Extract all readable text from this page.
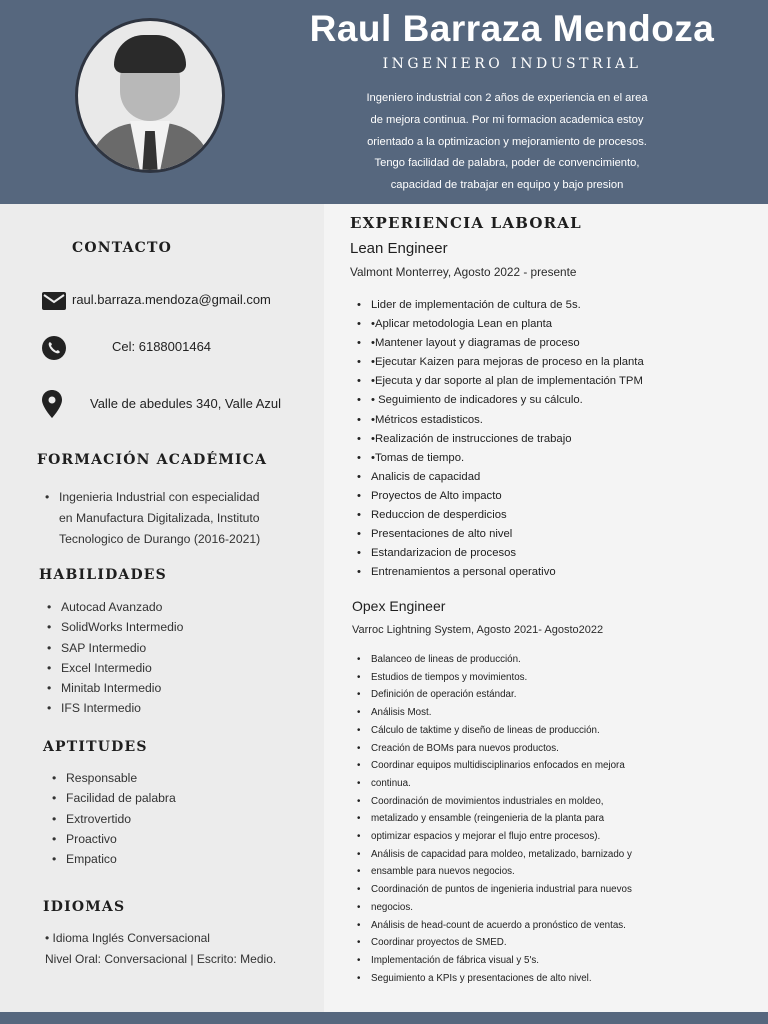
Raul Barraza Mendoza
INGENIERO INDUSTRIAL
Ingeniero industrial con 2 años de experiencia en el area
de mejora continua. Por mi formacion academica estoy
orientado a la optimizacion y mejoramiento de procesos.
Tengo facilidad de palabra, poder de convencimiento,
capacidad de trabajar en equipo y bajo presion
CONTACTO
raul.barraza.mendoza@gmail.com
Cel: 6188001464
Valle de abedules 340, Valle Azul
FORMACIÓN ACADÉMICA
• Ingenieria Industrial con especialidad
en Manufactura Digitalizada, Instituto
Tecnologico de Durango (2016-2021)
HABILIDADES
• Autocad Avanzado
• SolidWorks Intermedio
• SAP Intermedio
• Excel Intermedio
• Minitab Intermedio
• IFS Intermedio
APTITUDES
• Responsable
• Facilidad de palabra
• Extrovertido
• Proactivo
• Empatico
IDIOMAS
• Idioma Inglés Conversacional
Nivel Oral: Conversacional | Escrito: Medio.
EXPERIENCIA LABORAL
Lean Engineer
Valmont Monterrey, Agosto 2022 - presente
• Lider de implementación de cultura de 5s.
• •Aplicar metodologia Lean en planta
• •Mantener layout y diagramas de proceso
• •Ejecutar Kaizen para mejoras de proceso en la planta
• •Ejecuta y dar soporte al plan de implementación TPM
• • Seguimiento de indicadores y su cálculo.
• •Métricos estadisticos.
• •Realización de instrucciones de trabajo
• •Tomas de tiempo.
• Analicis de capacidad
• Proyectos de Alto impacto
• Reduccion de desperdicios
• Presentaciones de alto nivel
• Estandarizacion de procesos
• Entrenamientos a personal operativo
Opex Engineer
Varroc Lightning System, Agosto 2021- Agosto2022
• Balanceo de lineas de producción.
• Estudios de tiempos y movimientos.
• Definición de operación estándar.
• Análisis Most.
• Cálculo de taktime y diseño de lineas de producción.
• Creación de BOMs para nuevos productos.
• Coordinar equipos multidisciplinarios enfocados en mejora
• continua.
• Coordinación de movimientos industriales en moldeo,
• metalizado y ensamble (reingenieria de la planta para
• optimizar espacios y mejorar el flujo entre procesos).
• Análisis de capacidad para moldeo, metalizado, barnizado y
• ensamble para nuevos negocios.
• Coordinación de puntos de ingenieria industrial para nuevos
• negocios.
• Análisis de head-count de acuerdo a pronóstico de ventas.
• Coordinar proyectos de SMED.
• Implementación de fábrica visual y 5's.
• Seguimiento a KPIs y presentaciones de alto nivel.
